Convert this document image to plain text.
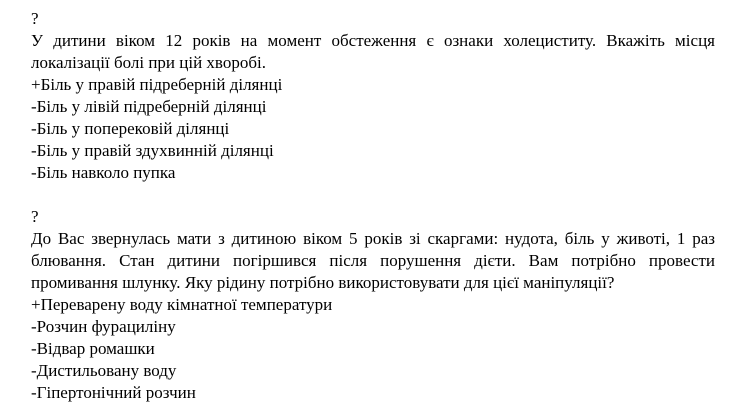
?
У дитини віком 12 років на момент обстеження є ознаки холециститу. Вкажіть місця локалізації болі при цій хворобі.
+Біль у правій підреберній ділянці
-Біль у лівій підреберній ділянці
-Біль у поперековій ділянці
-Біль у правій здухвинній ділянці
-Біль навколо пупка
?
До Вас звернулась мати з дитиною віком 5 років зі скаргами: нудота, біль у животі, 1 раз блювання. Стан дитини погіршився після порушення дієти. Вам потрібно провести промивання шлунку. Яку рідину потрібно використовувати для цієї маніпуляції?
+Переварену воду кімнатної температури
-Розчин фурациліну
-Відвар ромашки
-Дистильовану воду
-Гіпертонічний розчин
